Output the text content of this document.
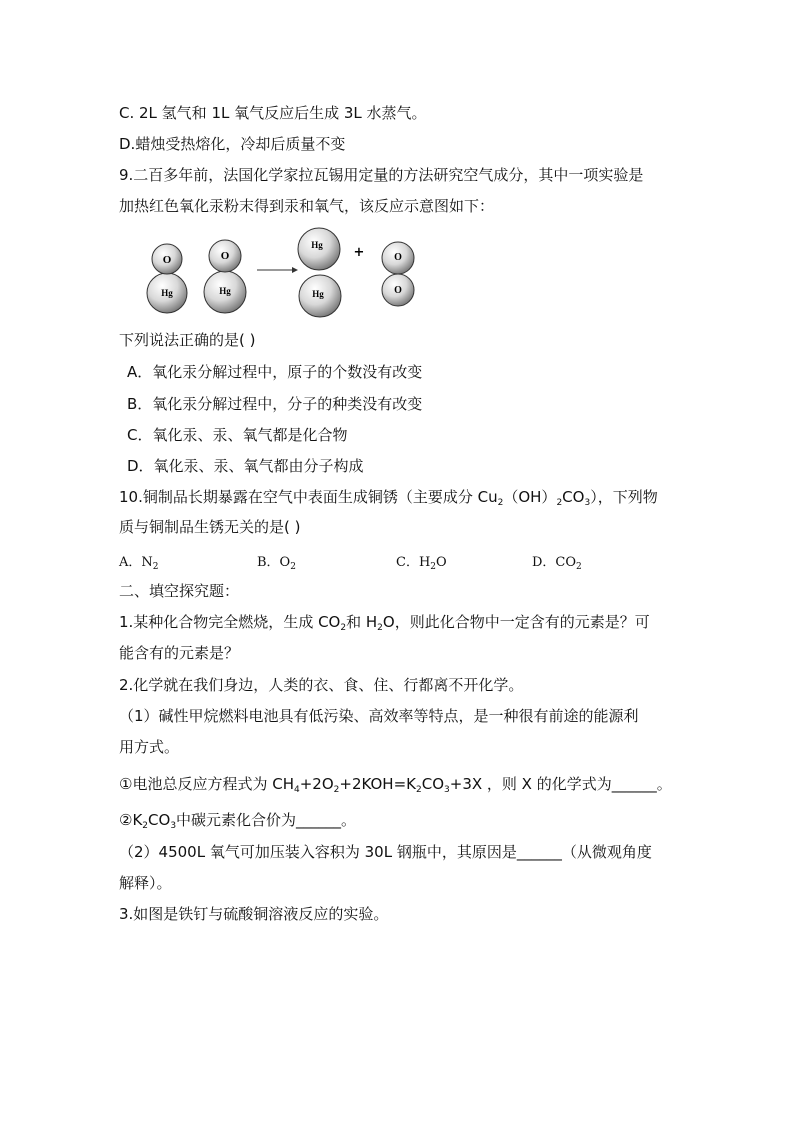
C. 2L 氢气和 1L 氧气反应后生成 3L 水蒸气。
D.蜡烛受热熔化，冷却后质量不变
9.二百多年前，法国化学家拉瓦锡用定量的方法研究空气成分，其中一项实验是
加热红色氧化汞粉末得到汞和氧气，该反应示意图如下：
O
Hg
O
Hg
Hg
Hg
+	O
O
下列说法正确的是( )
A．氧化汞分解过程中，原子的个数没有改变
B．氧化汞分解过程中，分子的种类没有改变
C．氧化汞、汞、氧气都是化合物
D．氧化汞、汞、氧气都由分子构成
10.铜制品长期暴露在空气中表面生成铜锈（主要成分 $Cu_2(OH)_2CO_3$），下列物
质与铜制品生锈无关的是( )
A．$N_2$	B．$O_2$	C．$H_2O$	D．$CO_2$
二、填空探究题：
1.某种化合物完全燃烧，生成 $CO_2$和 $H_2O$，则此化合物中一定含有的元素是？可
能含有的元素是？
2.化学就在我们身边，人类的衣、食、住、行都离不开化学。
（1）碱性甲烷燃料电池具有低污染、高效率等特点，是一种很有前途的能源利
用方式。
①电池总反应方程式为 $CH_4+2O_2+2KOH=K_2CO_3+3X$ ，则 X 的化学式为______。
$②K_2CO_3$中碳元素化合价为______。
（2）4500L 氧气可加压装入容积为 30L 钢瓶中，其原因是______（从微观角度
解释）。
3.如图是铁钉与硫酸铜溶液反应的实验。
